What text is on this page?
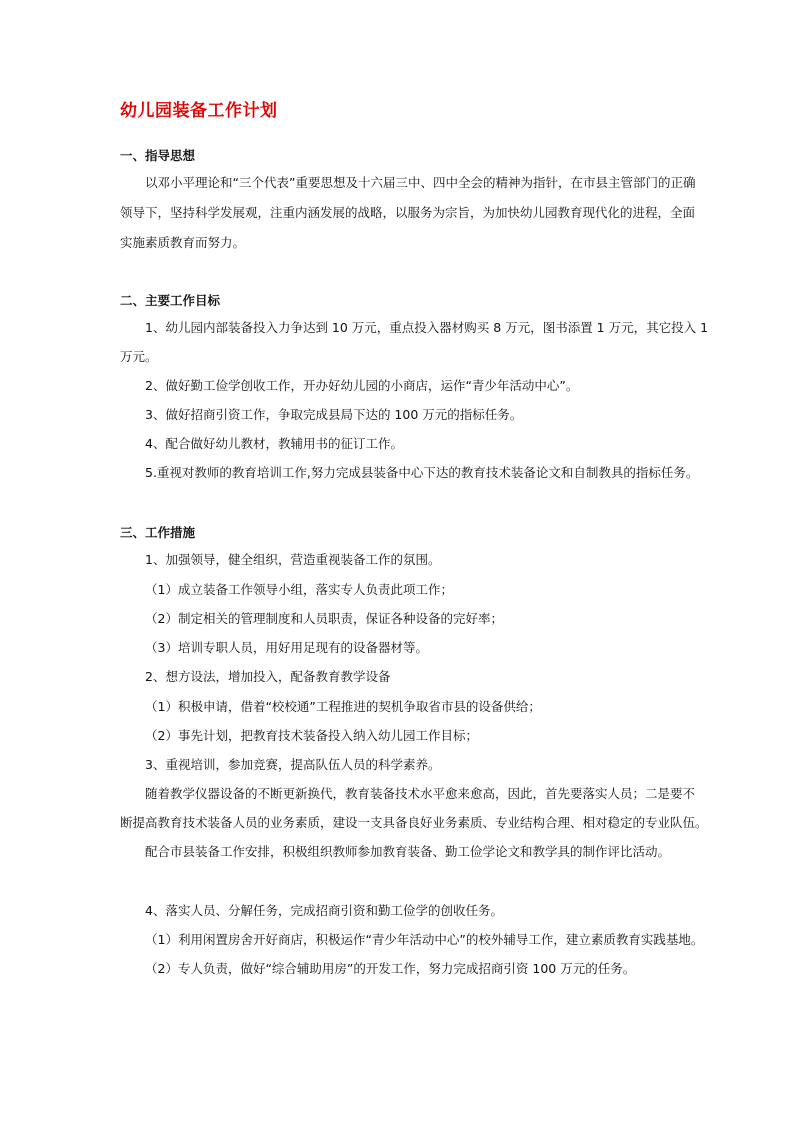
幼儿园装备工作计划
一、指导思想
以邓小平理论和“三个代表”重要思想及十六届三中、四中全会的精神为指针，在市县主管部门的正确
领导下，坚持科学发展观，注重内涵发展的战略，以服务为宗旨，为加快幼儿园教育现代化的进程，全面
实施素质教育而努力。
二、主要工作目标
1、幼儿园内部装备投入力争达到 10 万元，重点投入器材购买 8 万元，图书添置 1 万元，其它投入 1
万元。
2、做好勤工俭学创收工作，开办好幼儿园的小商店，运作“青少年活动中心”。
3、做好招商引资工作，争取完成县局下达的 100 万元的指标任务。
4、配合做好幼儿教材，教辅用书的征订工作。
5.重视对教师的教育培训工作,努力完成县装备中心下达的教育技术装备论文和自制教具的指标任务。
三、工作措施
1、加强领导，健全组织，营造重视装备工作的氛围。
（1）成立装备工作领导小组，落实专人负责此项工作；
（2）制定相关的管理制度和人员职责，保证各种设备的完好率；
（3）培训专职人员，用好用足现有的设备器材等。
2、想方设法，增加投入，配备教育教学设备
（1）积极申请，借着“校校通”工程推进的契机争取省市县的设备供给；
（2）事先计划，把教育技术装备投入纳入幼儿园工作目标；
3、重视培训，参加竞赛，提高队伍人员的科学素养。
随着教学仪器设备的不断更新换代，教育装备技术水平愈来愈高，因此，首先要落实人员；二是要不
断提高教育技术装备人员的业务素质，建设一支具备良好业务素质、专业结构合理、相对稳定的专业队伍。
配合市县装备工作安排，积极组织教师参加教育装备、勤工俭学论文和教学具的制作评比活动。
4、落实人员、分解任务，完成招商引资和勤工俭学的创收任务。
（1）利用闲置房舍开好商店，积极运作“青少年活动中心”的校外辅导工作，建立素质教育实践基地。
（2）专人负责，做好“综合辅助用房”的开发工作，努力完成招商引资 100 万元的任务。
